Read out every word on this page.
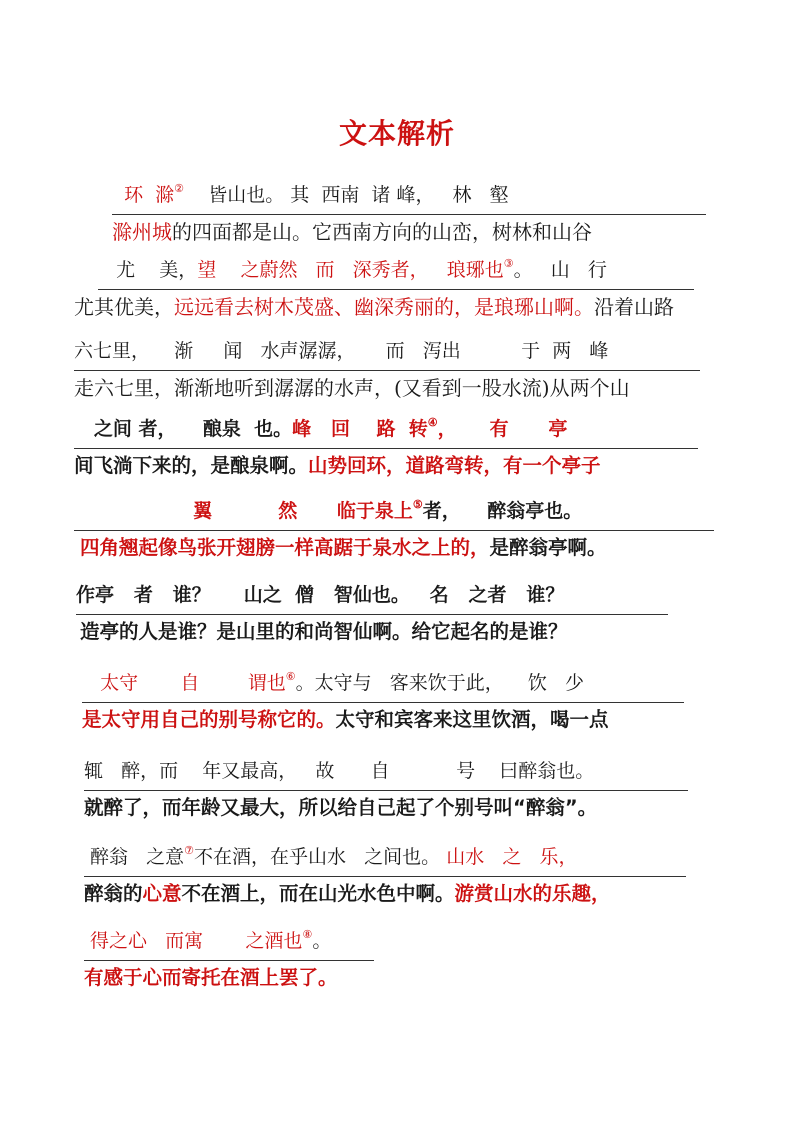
文本解析
环  滁②    皆山也。 其  西南  诸 峰，   林   壑
滁州城的四面都是山。它西南方向的山峦，树林和山谷
尤    美，望    之蔚然   而   深秀者，   琅琊也③。   山   行
尤其优美，远远看去树木茂盛、幽深秀丽的，是琅琊山啊。沿着山路
六七里，    渐     闻   水声潺潺，     而   泻出          于  两   峰
走六七里，渐渐地听到潺潺的水声，(又看到一股水流)从两个山
之间 者，    酿泉  也。峰   回    路  转④，     有      亭
间飞淌下来的，是酿泉啊。山势回环，道路弯转，有一个亭子
翼          然      临于泉上⑤者，    醉翁亭也。
四角翘起像鸟张开翅膀一样高踞于泉水之上的，是醉翁亭啊。
作亭   者   谁？     山之  僧   智仙也。   名   之者   谁？
造亭的人是谁？是山里的和尚智仙啊。给它起名的是谁？
太守       自        谓也⑥。太守与   客来饮于此，    饮   少
是太守用自己的别号称它的。太守和宾客来这里饮酒，喝一点
辄   醉，而    年又最高，   故      自           号    曰醉翁也。
就醉了，而年龄又最大，所以给自己起了个别号叫“醉翁”。
醉翁   之意⑦不在酒，在乎山水   之间也。 山水   之   乐，
醉翁的心意不在酒上，而在山光水色中啊。游赏山水的乐趣，
得之心   而寓       之酒也⑧。
有感于心而寄托在酒上罢了。
